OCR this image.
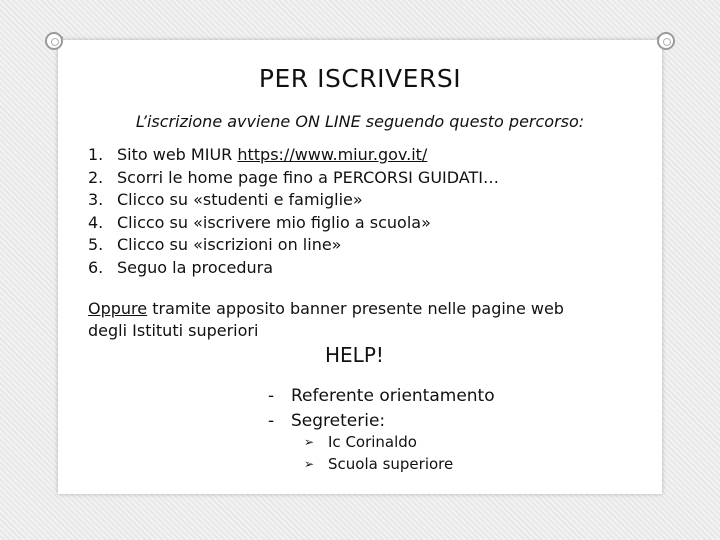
PER ISCRIVERSI
L’iscrizione avviene ON LINE seguendo questo percorso:
1. Sito web MIUR https://www.miur.gov.it/
2. Scorri le home page fino a PERCORSI GUIDATI…
3. Clicco su «studenti e famiglie»
4. Clicco su «iscrivere mio figlio a scuola»
5. Clicco su «iscrizioni on line»
6. Seguo la procedura
Oppure tramite apposito banner presente nelle pagine web degli Istituti superiori
HELP!
- Referente orientamento
- Segreterie:
➢ Ic Corinaldo
➢ Scuola superiore
